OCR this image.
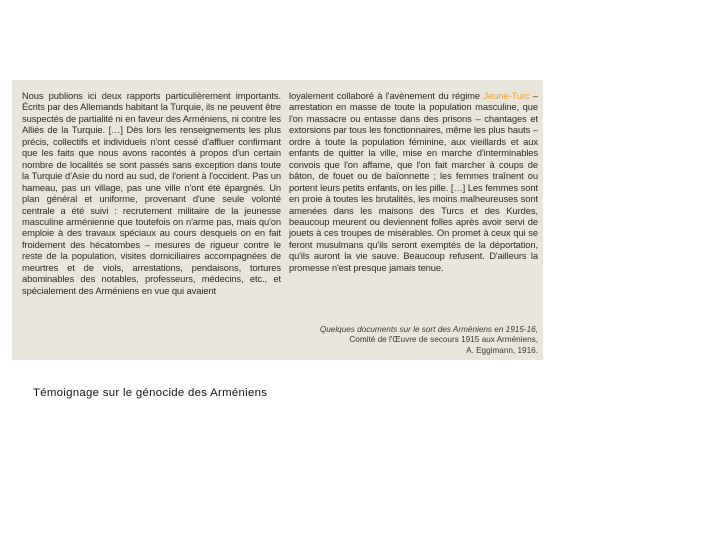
Nous publions ici deux rapports particulièrement importants. Écrits par des Allemands habitant la Turquie, ils ne peuvent être suspectés de partialité ni en faveur des Arméniens, ni contre les Alliés de la Turquie. […] Dès lors les renseignements les plus précis, collectifs et individuels n'ont cessé d'affluer confirmant que les faits que nous avons racontés à propos d'un certain nombre de localités se sont passés sans exception dans toute la Turquie d'Asie du nord au sud, de l'orient à l'occident. Pas un hameau, pas un village, pas une ville n'ont été épargnés. Un plan général et uniforme, provenant d'une seule volonté centrale a été suivi : recrutement militaire de la jeunesse masculine arménienne que toutefois on n'arme pas, mais qu'on emploie à des travaux spéciaux au cours desquels on en fait froidement des hécatombes – mesures de rigueur contre le reste de la population, visites domiciliaires accompagnées de meurtres et de viols, arrestations, pendaisons, tortures abominables des notables, professeurs, médecins, etc., et spécialement des Arméniens en vue qui avaient

loyalement collaboré à l'avènement du régime Jeune-Turc – arrestation en masse de toute la population masculine, que l'on massacre ou entasse dans des prisons – chantages et extorsions par tous les fonctionnaires, même les plus hauts – ordre à toute la population féminine, aux vieillards et aux enfants de quitter la ville, mise en marche d'interminables convois que l'on affame, que l'on fait marcher à coups de bâton, de fouet ou de baïonnette ; les femmes traînent ou portent leurs petits enfants, on les pille. […] Les femmes sont en proie à toutes les brutalités, les moins malheureuses sont amenées dans les maisons des Turcs et des Kurdes, beaucoup meurent ou deviennent folles après avoir servi de jouets à ces troupes de misérables. On promet à ceux qui se feront musulmans qu'ils seront exemptés de la déportation, qu'ils auront la vie sauve. Beaucoup refusent. D'ailleurs la promesse n'est presque jamais tenue.

Quelques documents sur le sort des Arméniens en 1915-16,
Comité de l'Œuvre de secours 1915 aux Arméniens,
A. Eggimann, 1916.
Témoignage sur le génocide des Arméniens
